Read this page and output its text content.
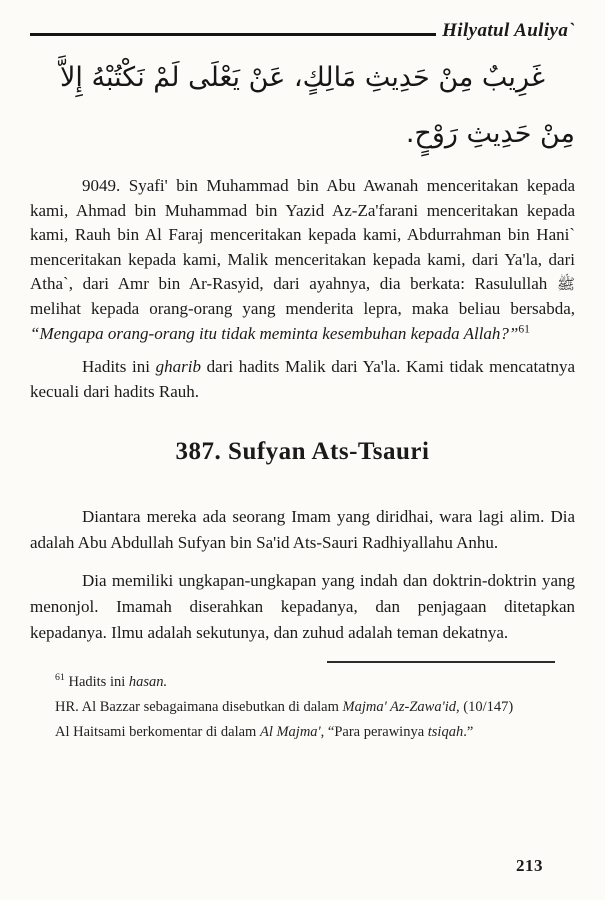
Hilyatul Auliya`
غَرِيبٌ مِنْ حَدِيثِ مَالِكٍ، عَنْ يَعْلَى لَمْ نَكْتُبْهُ إِلاَّ
مِنْ حَدِيثِ رَوْحٍ.

9049. Syafi' bin Muhammad bin Abu Awanah menceritakan kepada kami, Ahmad bin Muhammad bin Yazid Az-Za'farani menceritakan kepada kami, Rauh bin Al Faraj menceritakan kepada kami, Abdurrahman bin Hani` menceritakan kepada kami, Malik menceritakan kepada kami, dari Ya'la, dari Atha`, dari Amr bin Ar-Rasyid, dari ayahnya, dia berkata: Rasulullah ﷺ melihat kepada orang-orang yang menderita lepra, maka beliau bersabda, “Mengapa orang-orang itu tidak meminta kesembuhan kepada Allah?”$^{61}$

Hadits ini gharib dari hadits Malik dari Ya'la. Kami tidak mencatatnya kecuali dari hadits Rauh.

387. Sufyan Ats-Tsauri

Diantara mereka ada seorang Imam yang diridhai, wara lagi alim. Dia adalah Abu Abdullah Sufyan bin Sa'id Ats-Sauri Radhiyallahu Anhu.

Dia memiliki ungkapan-ungkapan yang indah dan doktrin-doktrin yang menonjol. Imamah diserahkan kepadanya, dan penjagaan ditetapkan kepadanya. Ilmu adalah sekutunya, dan zuhud adalah teman dekatnya.

$^{61}$ Hadits ini hasan.

HR. Al Bazzar sebagaimana disebutkan di dalam Majma' Az-Zawa'id, (10/147)

Al Haitsami berkomentar di dalam Al Majma', “Para perawinya tsiqah.”

213
